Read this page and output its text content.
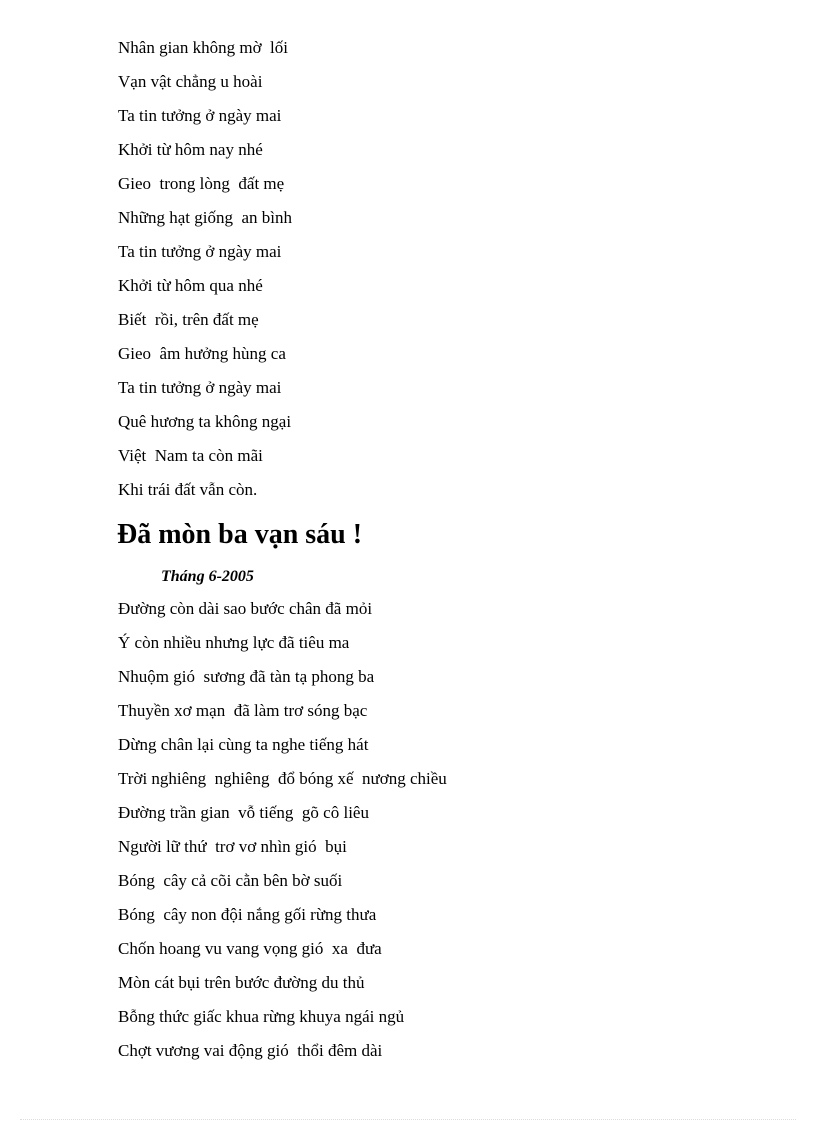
Nhân gian không mờ  lối
Vạn vật chẳng u hoài
Ta tin tưởng ở ngày mai
Khởi từ hôm nay nhé
Gieo  trong lòng  đất mẹ
Những hạt giống  an bình
Ta tin tưởng ở ngày mai
Khởi từ hôm qua nhé
Biết  rồi, trên đất mẹ
Gieo  âm hưởng hùng ca
Ta tin tưởng ở ngày mai
Quê hương ta không ngại
Việt  Nam ta còn mãi
Khi trái đất vẫn còn.
Đã mòn ba vạn sáu !
Tháng 6-2005
Đường còn dài sao bước chân đã mỏi
Ý còn nhiều nhưng lực đã tiêu ma
Nhuộm gió  sương đã tàn tạ phong ba
Thuyền xơ mạn  đã làm trơ sóng bạc
Dừng chân lại cùng ta nghe tiếng hát
Trời nghiêng  nghiêng  đổ bóng xế  nương chiều
Đường trần gian  vỗ tiếng  gõ cô liêu
Người lữ thứ  trơ vơ nhìn gió  bụi
Bóng  cây cả cõi cằn bên bờ suối
Bóng  cây non đội nắng gối rừng thưa
Chốn hoang vu vang vọng gió  xa  đưa
Mòn cát bụi trên bước đường du thủ
Bỗng thức giấc khua rừng khuya ngái ngủ
Chợt vương vai động gió  thổi đêm dài
